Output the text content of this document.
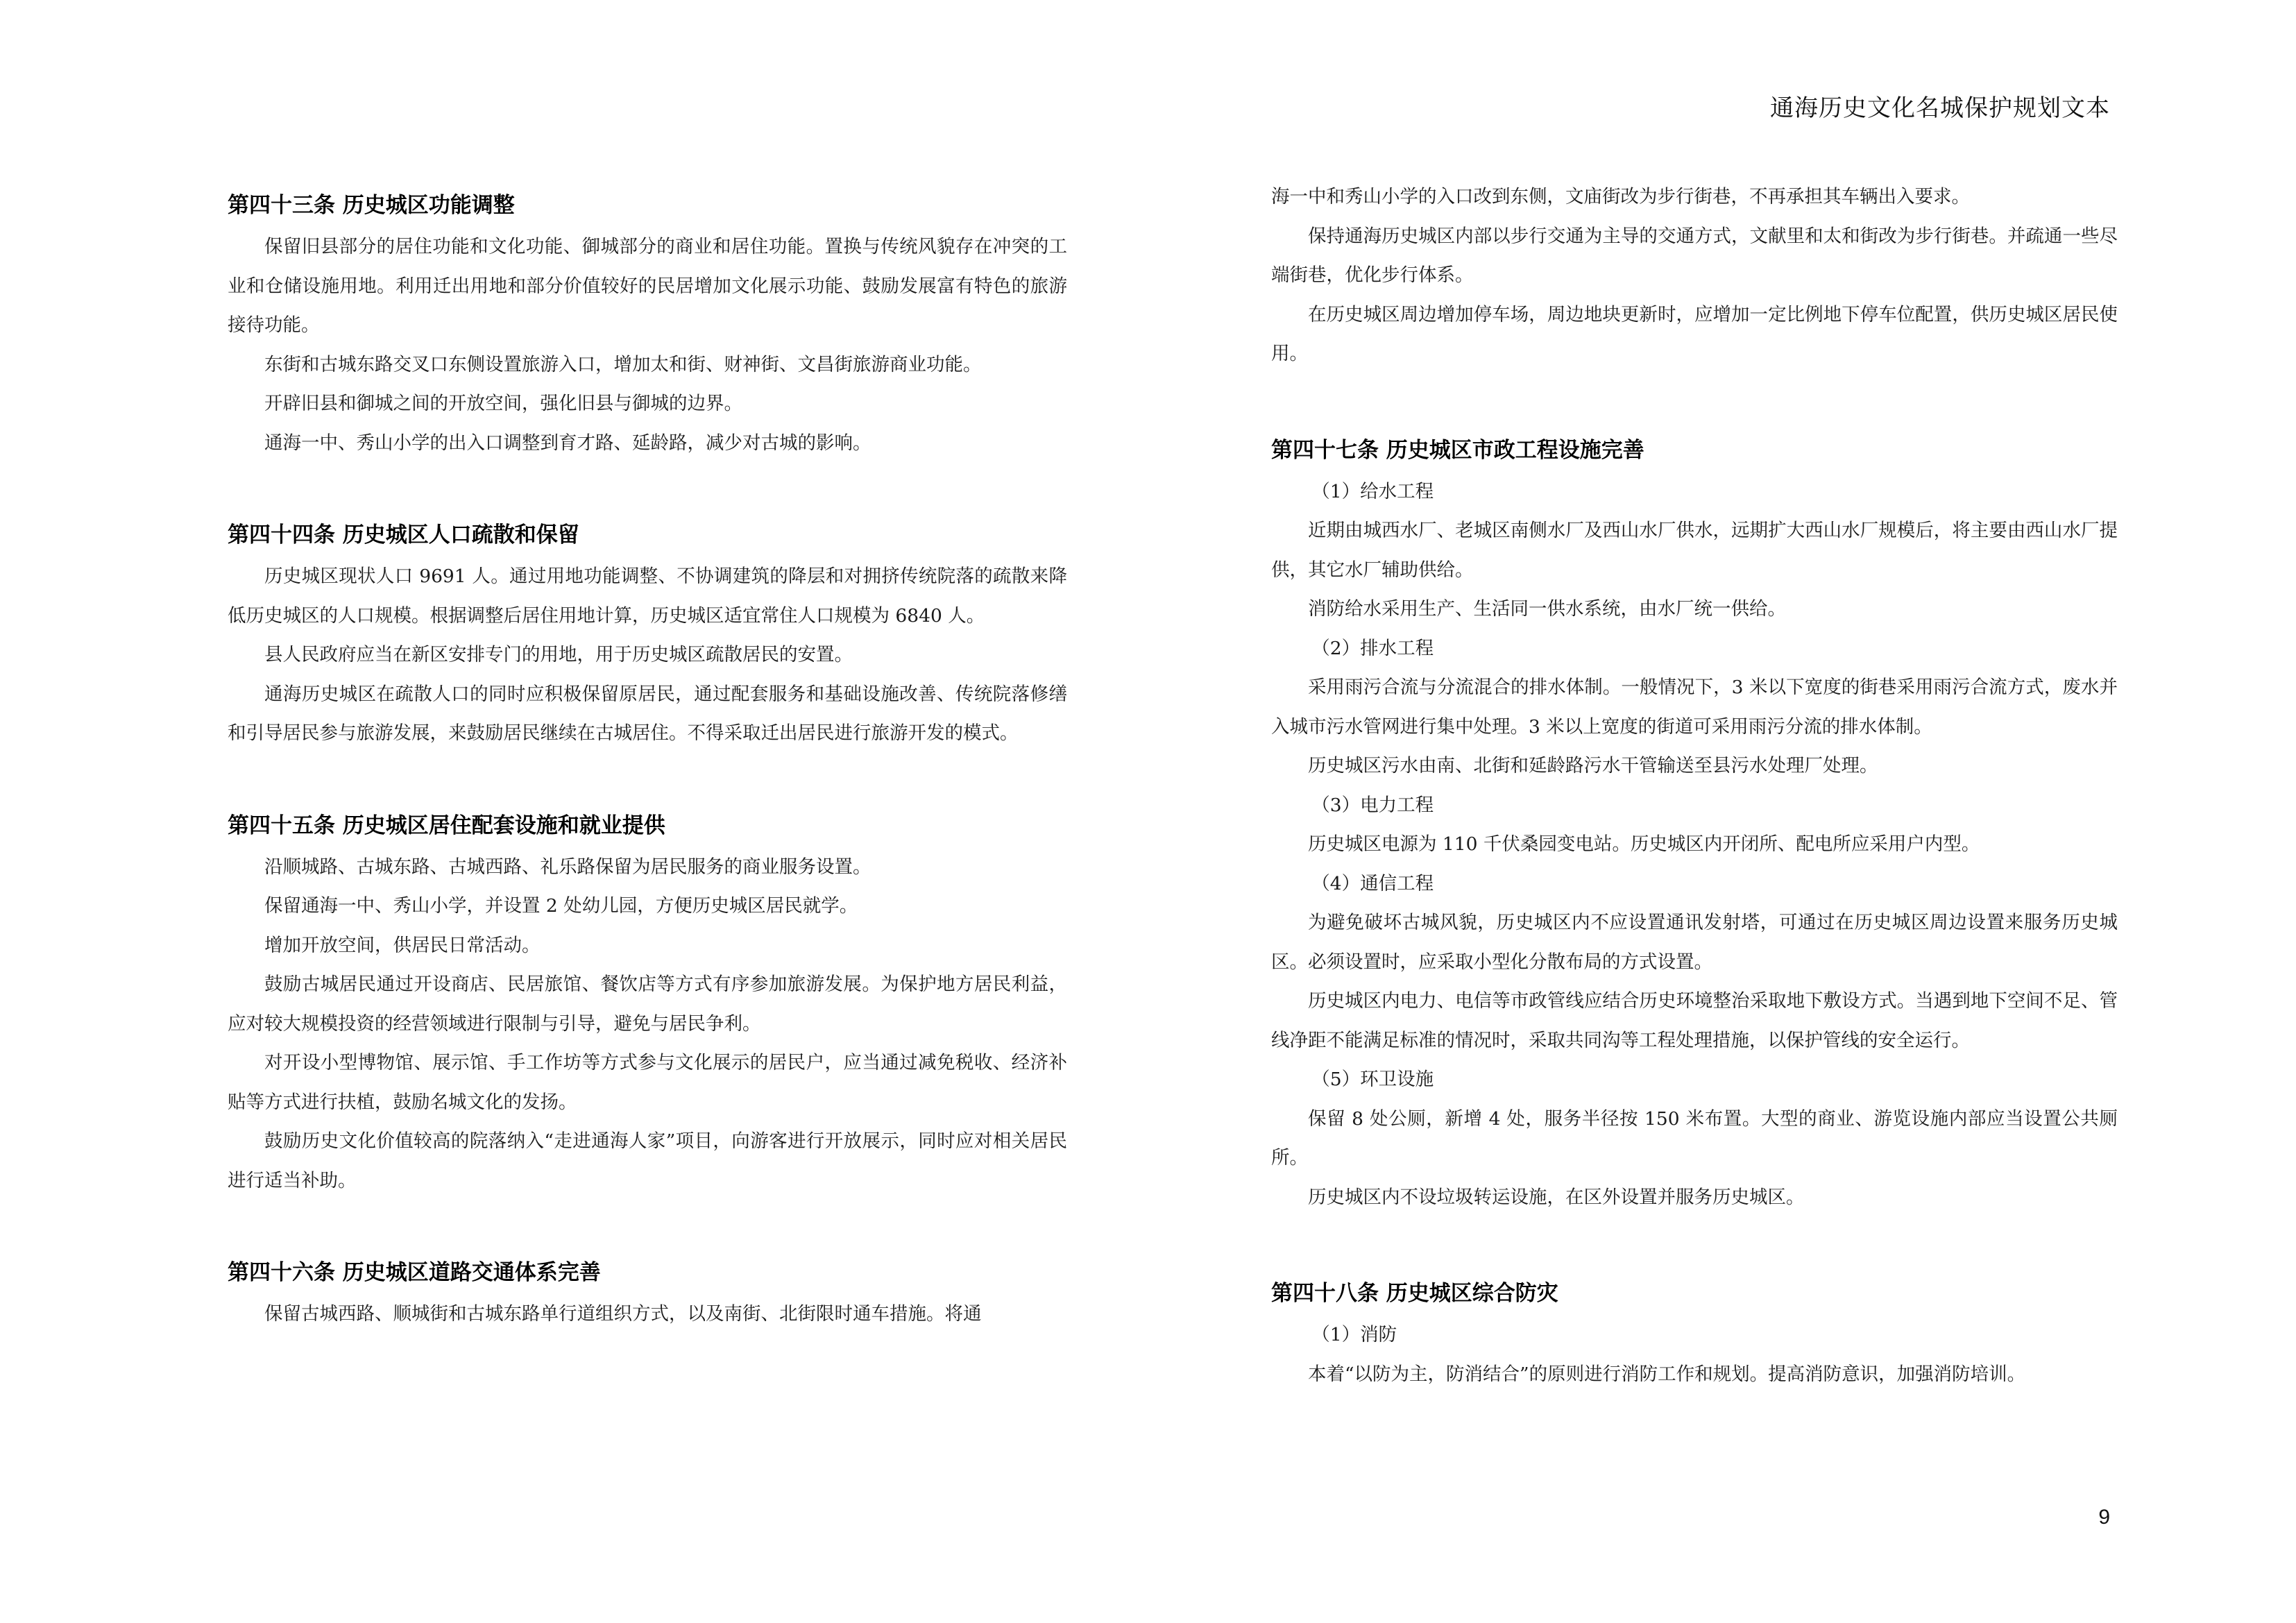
通海历史文化名城保护规划文本
第四十三条 历史城区功能调整

保留旧县部分的居住功能和文化功能、御城部分的商业和居住功能。置换与传统风貌存在冲突的工业和仓储设施用地。利用迁出用地和部分价值较好的民居增加文化展示功能、鼓励发展富有特色的旅游接待功能。

东街和古城东路交叉口东侧设置旅游入口，增加太和街、财神街、文昌街旅游商业功能。

开辟旧县和御城之间的开放空间，强化旧县与御城的边界。

通海一中、秀山小学的出入口调整到育才路、延龄路，减少对古城的影响。

第四十四条 历史城区人口疏散和保留

历史城区现状人口 9691 人。通过用地功能调整、不协调建筑的降层和对拥挤传统院落的疏散来降低历史城区的人口规模。根据调整后居住用地计算，历史城区适宜常住人口规模为 6840 人。

县人民政府应当在新区安排专门的用地，用于历史城区疏散居民的安置。

通海历史城区在疏散人口的同时应积极保留原居民，通过配套服务和基础设施改善、传统院落修缮和引导居民参与旅游发展，来鼓励居民继续在古城居住。不得采取迁出居民进行旅游开发的模式。

第四十五条 历史城区居住配套设施和就业提供

沿顺城路、古城东路、古城西路、礼乐路保留为居民服务的商业服务设置。

保留通海一中、秀山小学，并设置 2 处幼儿园，方便历史城区居民就学。

增加开放空间，供居民日常活动。

鼓励古城居民通过开设商店、民居旅馆、餐饮店等方式有序参加旅游发展。为保护地方居民利益，应对较大规模投资的经营领域进行限制与引导，避免与居民争利。

对开设小型博物馆、展示馆、手工作坊等方式参与文化展示的居民户，应当通过减免税收、经济补贴等方式进行扶植，鼓励名城文化的发扬。

鼓励历史文化价值较高的院落纳入“走进通海人家”项目，向游客进行开放展示，同时应对相关居民进行适当补助。

第四十六条 历史城区道路交通体系完善

保留古城西路、顺城街和古城东路单行道组织方式，以及南街、北街限时通车措施。将通

海一中和秀山小学的入口改到东侧，文庙街改为步行街巷，不再承担其车辆出入要求。

保持通海历史城区内部以步行交通为主导的交通方式，文献里和太和街改为步行街巷。并疏通一些尽端街巷，优化步行体系。

在历史城区周边增加停车场，周边地块更新时，应增加一定比例地下停车位配置，供历史城区居民使用。

第四十七条 历史城区市政工程设施完善

（1）给水工程

近期由城西水厂、老城区南侧水厂及西山水厂供水，远期扩大西山水厂规模后，将主要由西山水厂提供，其它水厂辅助供给。

消防给水采用生产、生活同一供水系统，由水厂统一供给。

（2）排水工程

采用雨污合流与分流混合的排水体制。一般情况下，3 米以下宽度的街巷采用雨污合流方式，废水并入城市污水管网进行集中处理。3 米以上宽度的街道可采用雨污分流的排水体制。

历史城区污水由南、北街和延龄路污水干管输送至县污水处理厂处理。

（3）电力工程

历史城区电源为 110 千伏桑园变电站。历史城区内开闭所、配电所应采用户内型。

（4）通信工程

为避免破坏古城风貌，历史城区内不应设置通讯发射塔，可通过在历史城区周边设置来服务历史城区。必须设置时，应采取小型化分散布局的方式设置。

历史城区内电力、电信等市政管线应结合历史环境整治采取地下敷设方式。当遇到地下空间不足、管线净距不能满足标准的情况时，采取共同沟等工程处理措施，以保护管线的安全运行。

（5）环卫设施

保留 8 处公厕，新增 4 处，服务半径按 150 米布置。大型的商业、游览设施内部应当设置公共厕所。

历史城区内不设垃圾转运设施，在区外设置并服务历史城区。

第四十八条 历史城区综合防灾

（1）消防

本着“以防为主，防消结合”的原则进行消防工作和规划。提高消防意识，加强消防培训。

9
